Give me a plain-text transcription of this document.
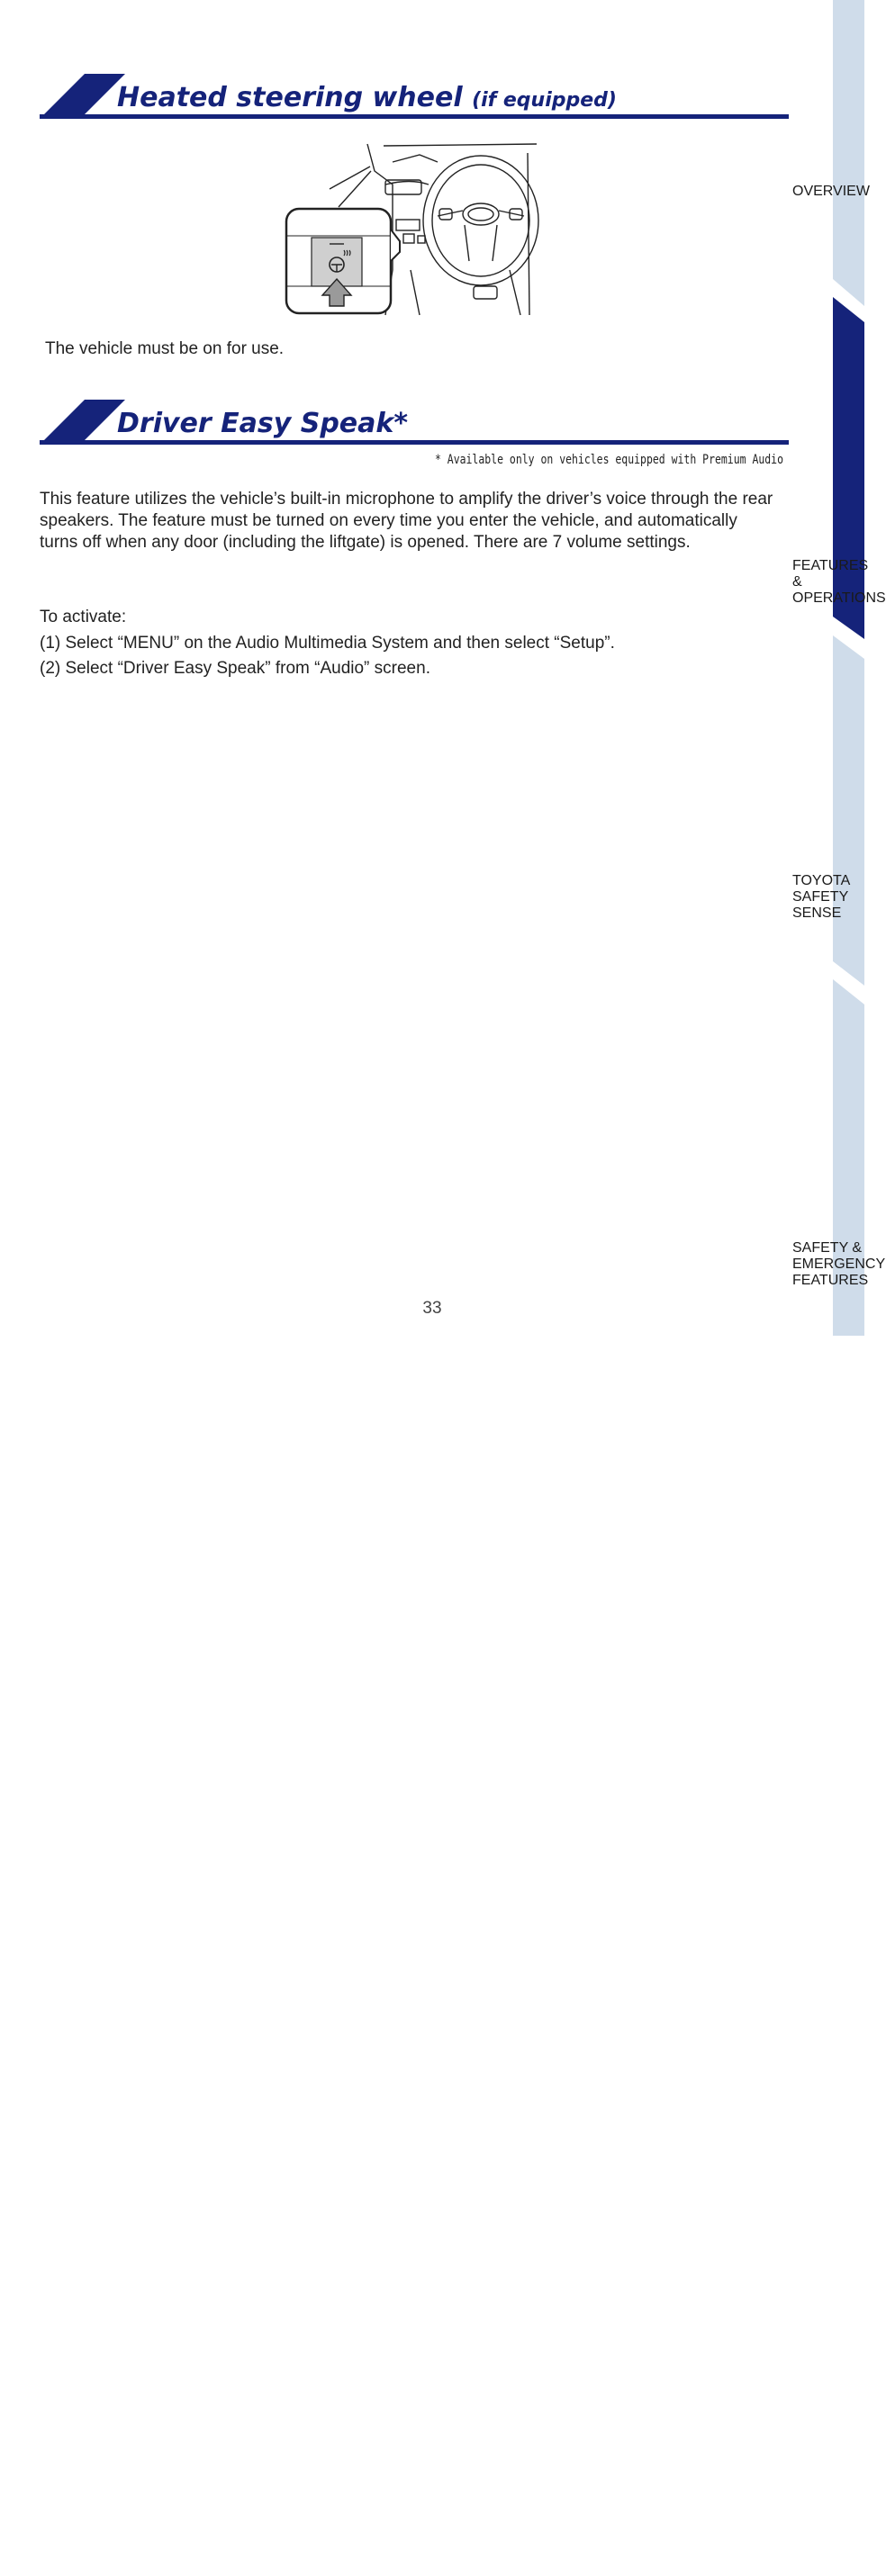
OVERVIEW
FEATURES & OPERATIONS
TOYOTA SAFETY SENSE
SAFETY & EMERGENCY FEATURES
Heated steering wheel (if equipped)
The vehicle must be on for use.
Driver Easy Speak*
* Available only on vehicles equipped with Premium Audio
This feature utilizes the vehicle’s built-in microphone to amplify the driver’s voice through the rear speakers. The feature must be turned on every time you enter the vehicle, and automatically turns off when any door (including the liftgate) is opened. There are 7 volume settings.
To activate:
(1) Select “MENU” on the Audio Multimedia System and then select “Setup”.
(2) Select “Driver Easy Speak” from “Audio” screen.
33
